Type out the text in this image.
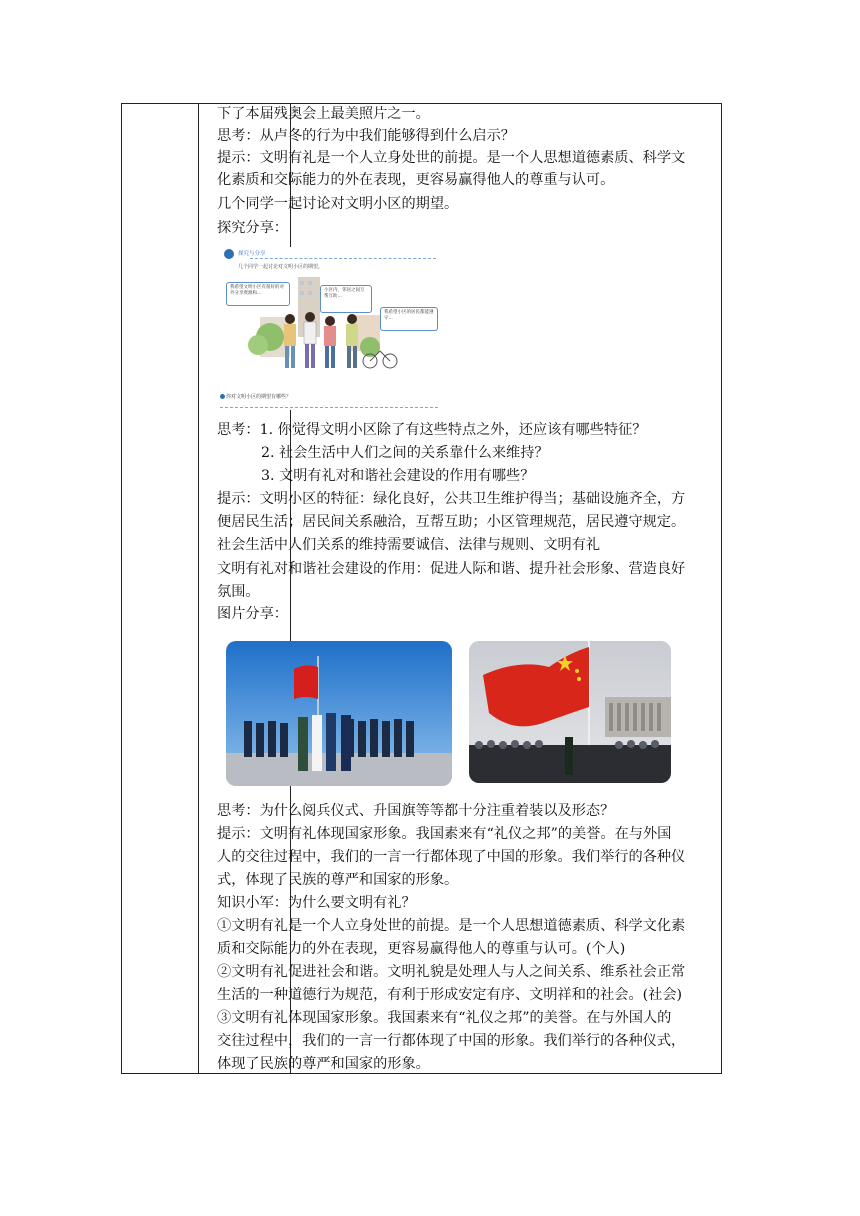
下了本届残奥会上最美照片之一。
思考：从卢冬的行为中我们能够得到什么启示？
提示：文明有礼是一个人立身处世的前提。是一个人思想道德素质、科学文
化素质和交际能力的外在表现，更容易赢得他人的尊重与认可。
几个同学一起讨论对文明小区的期望。
探究分享：
思考：1. 你觉得文明小区除了有这些特点之外，还应该有哪些特征？
2. 社会生活中人们之间的关系靠什么来维持？
3. 文明有礼对和谐社会建设的作用有哪些？
提示：文明小区的特征：绿化良好，公共卫生维护得当；基础设施齐全，方
便居民生活；居民间关系融洽，互帮互助；小区管理规范，居民遵守规定。
社会生活中人们关系的维持需要诚信、法律与规则、文明有礼
文明有礼对和谐社会建设的作用：促进人际和谐、提升社会形象、营造良好
氛围。
图片分享：
思考：为什么阅兵仪式、升国旗等等都十分注重着装以及形态？
提示：文明有礼体现国家形象。我国素来有“礼仪之邦”的美誉。在与外国
人的交往过程中，我们的一言一行都体现了中国的形象。我们举行的各种仪
式，体现了民族的尊严和国家的形象。
知识小军：为什么要文明有礼？
①文明有礼是一个人立身处世的前提。是一个人思想道德素质、科学文化素
质和交际能力的外在表现，更容易赢得他人的尊重与认可。(个人)
②文明有礼促进社会和谐。文明礼貌是处理人与人之间关系、维系社会正常
生活的一种道德行为规范，有利于形成安定有序、文明祥和的社会。(社会)
③文明有礼体现国家形象。我国素来有“礼仪之邦”的美誉。在与外国人的
交往过程中，我们的一言一行都体现了中国的形象。我们举行的各种仪式，
体现了民族的尊严和国家的形象。
探究与分享
几个同学一起讨论对文明小区的期望。
我希望文明小区有很好的对外分享资源和...
小区内，邻居之间互帮互助...
我希望小区的居民都能遵守...
你对文明小区的期望有哪些？
